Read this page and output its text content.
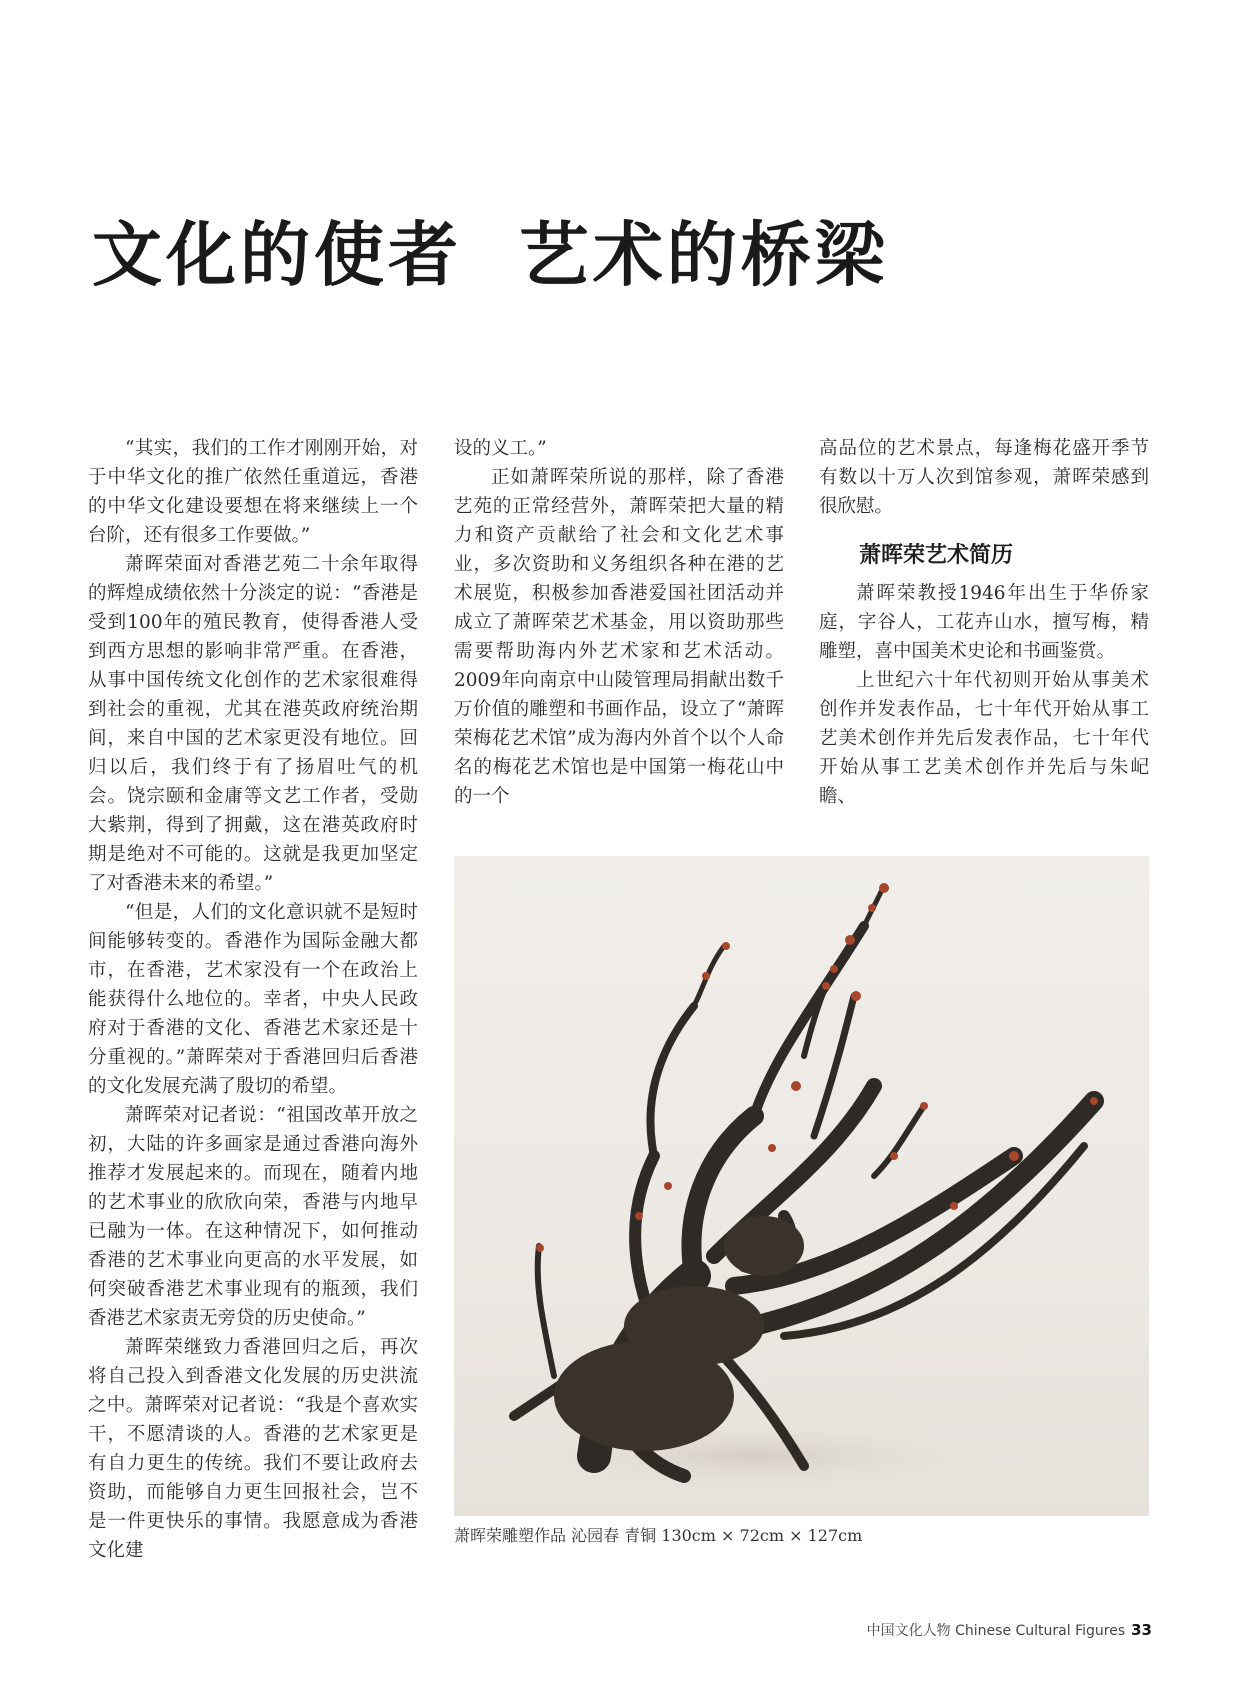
文化的使者  艺术的桥梁

“其实，我们的工作才刚刚开始，对于中华文化的推广依然任重道远，香港的中华文化建设要想在将来继续上一个台阶，还有很多工作要做。”

萧晖荣面对香港艺苑二十余年取得的辉煌成绩依然十分淡定的说：“香港是受到100年的殖民教育，使得香港人受到西方思想的影响非常严重。在香港，从事中国传统文化创作的艺术家很难得到社会的重视，尤其在港英政府统治期间，来自中国的艺术家更没有地位。回归以后，我们终于有了扬眉吐气的机会。饶宗颐和金庸等文艺工作者，受勋大紫荆，得到了拥戴，这在港英政府时期是绝对不可能的。这就是我更加坚定了对香港未来的希望。”

“但是，人们的文化意识就不是短时间能够转变的。香港作为国际金融大都市，在香港，艺术家没有一个在政治上能获得什么地位的。幸者，中央人民政府对于香港的文化、香港艺术家还是十分重视的。”萧晖荣对于香港回归后香港的文化发展充满了殷切的希望。

萧晖荣对记者说：“祖国改革开放之初，大陆的许多画家是通过香港向海外推荐才发展起来的。而现在，随着内地的艺术事业的欣欣向荣，香港与内地早已融为一体。在这种情况下，如何推动香港的艺术事业向更高的水平发展，如何突破香港艺术事业现有的瓶颈，我们香港艺术家责无旁贷的历史使命。”

萧晖荣继致力香港回归之后，再次将自己投入到香港文化发展的历史洪流之中。萧晖荣对记者说：“我是个喜欢实干，不愿清谈的人。香港的艺术家更是有自力更生的传统。我们不要让政府去资助，而能够自力更生回报社会，岂不是一件更快乐的事情。我愿意成为香港文化建

设的义工。”

正如萧晖荣所说的那样，除了香港艺苑的正常经营外，萧晖荣把大量的精力和资产贡献给了社会和文化艺术事业，多次资助和义务组织各种在港的艺术展览，积极参加香港爱国社团活动并成立了萧晖荣艺术基金，用以资助那些需要帮助海内外艺术家和艺术活动。2009年向南京中山陵管理局捐献出数千万价值的雕塑和书画作品，设立了“萧晖荣梅花艺术馆”成为海内外首个以个人命名的梅花艺术馆也是中国第一梅花山中的一个

高品位的艺术景点，每逢梅花盛开季节有数以十万人次到馆参观，萧晖荣感到很欣慰。

萧晖荣艺术简历

萧晖荣教授1946年出生于华侨家庭，字谷人，工花卉山水，擅写梅，精雕塑，喜中国美术史论和书画鉴赏。

上世纪六十年代初则开始从事美术创作并发表作品，七十年代开始从事工艺美术创作并先后发表作品，七十年代开始从事工艺美术创作并先后与朱屺瞻、

萧晖荣雕塑作品 沁园春 青铜 130cm × 72cm × 127cm
中国文化人物 Chinese Cultural Figures 33
